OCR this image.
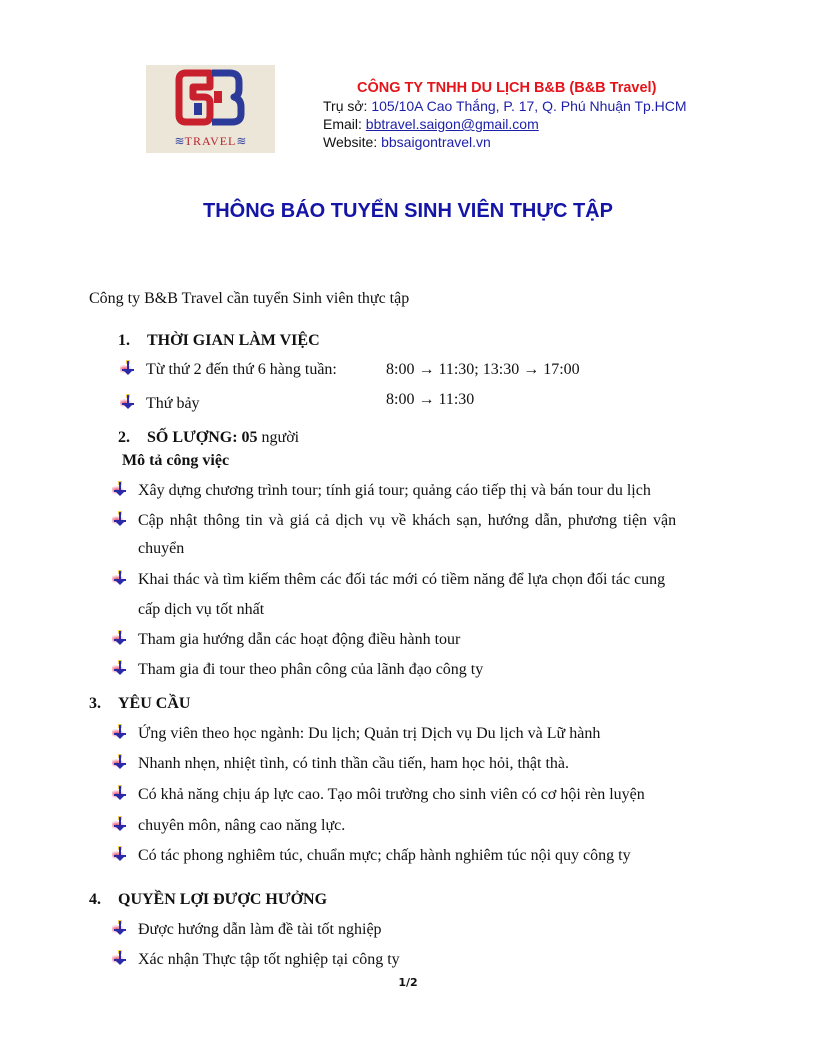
≋TRAVEL≋
CÔNG TY TNHH DU LỊCH B&B (B&B Travel)
Trụ sở: 105/10A Cao Thắng, P. 17, Q. Phú Nhuận Tp.HCM
Email: bbtravel.saigon@gmail.com
Website: bbsaigontravel.vn
THÔNG BÁO TUYỂN SINH VIÊN THỰC TẬP
Công ty B&B Travel cần tuyển Sinh viên thực tập
1. THỜI GIAN LÀM VIỆC
Từ thứ 2 đến thứ 6 hàng tuần:	8:00 → 11:30; 13:30 → 17:00
Thứ bảy	8:00 → 11:30
2. SỐ LƯỢNG: 05 người
Mô tả công việc
Xây dựng chương trình tour; tính giá tour; quảng cáo tiếp thị và bán tour du lịch
Cập nhật thông tin và giá cả dịch vụ về khách sạn, hướng dẫn, phương tiện vận
chuyển
Khai thác và tìm kiếm thêm các đối tác mới có tiềm năng để lựa chọn đối tác cung
cấp dịch vụ tốt nhất
Tham gia hướng dẫn các hoạt động điều hành tour
Tham gia đi tour theo phân công của lãnh đạo công ty
3. YÊU CẦU
Ứng viên theo học ngành: Du lịch; Quản trị Dịch vụ Du lịch và Lữ hành
Nhanh nhẹn, nhiệt tình, có tinh thần cầu tiến, ham học hỏi, thật thà.
Có khả năng chịu áp lực cao. Tạo môi trường cho sinh viên có cơ hội rèn luyện
chuyên môn, nâng cao năng lực.
Có tác phong nghiêm túc, chuẩn mực; chấp hành nghiêm túc nội quy công ty
4. QUYỀN LỢI ĐƯỢC HƯỞNG
Được hướng dẫn làm đề tài tốt nghiệp
Xác nhận Thực tập tốt nghiệp tại công ty
1/2
